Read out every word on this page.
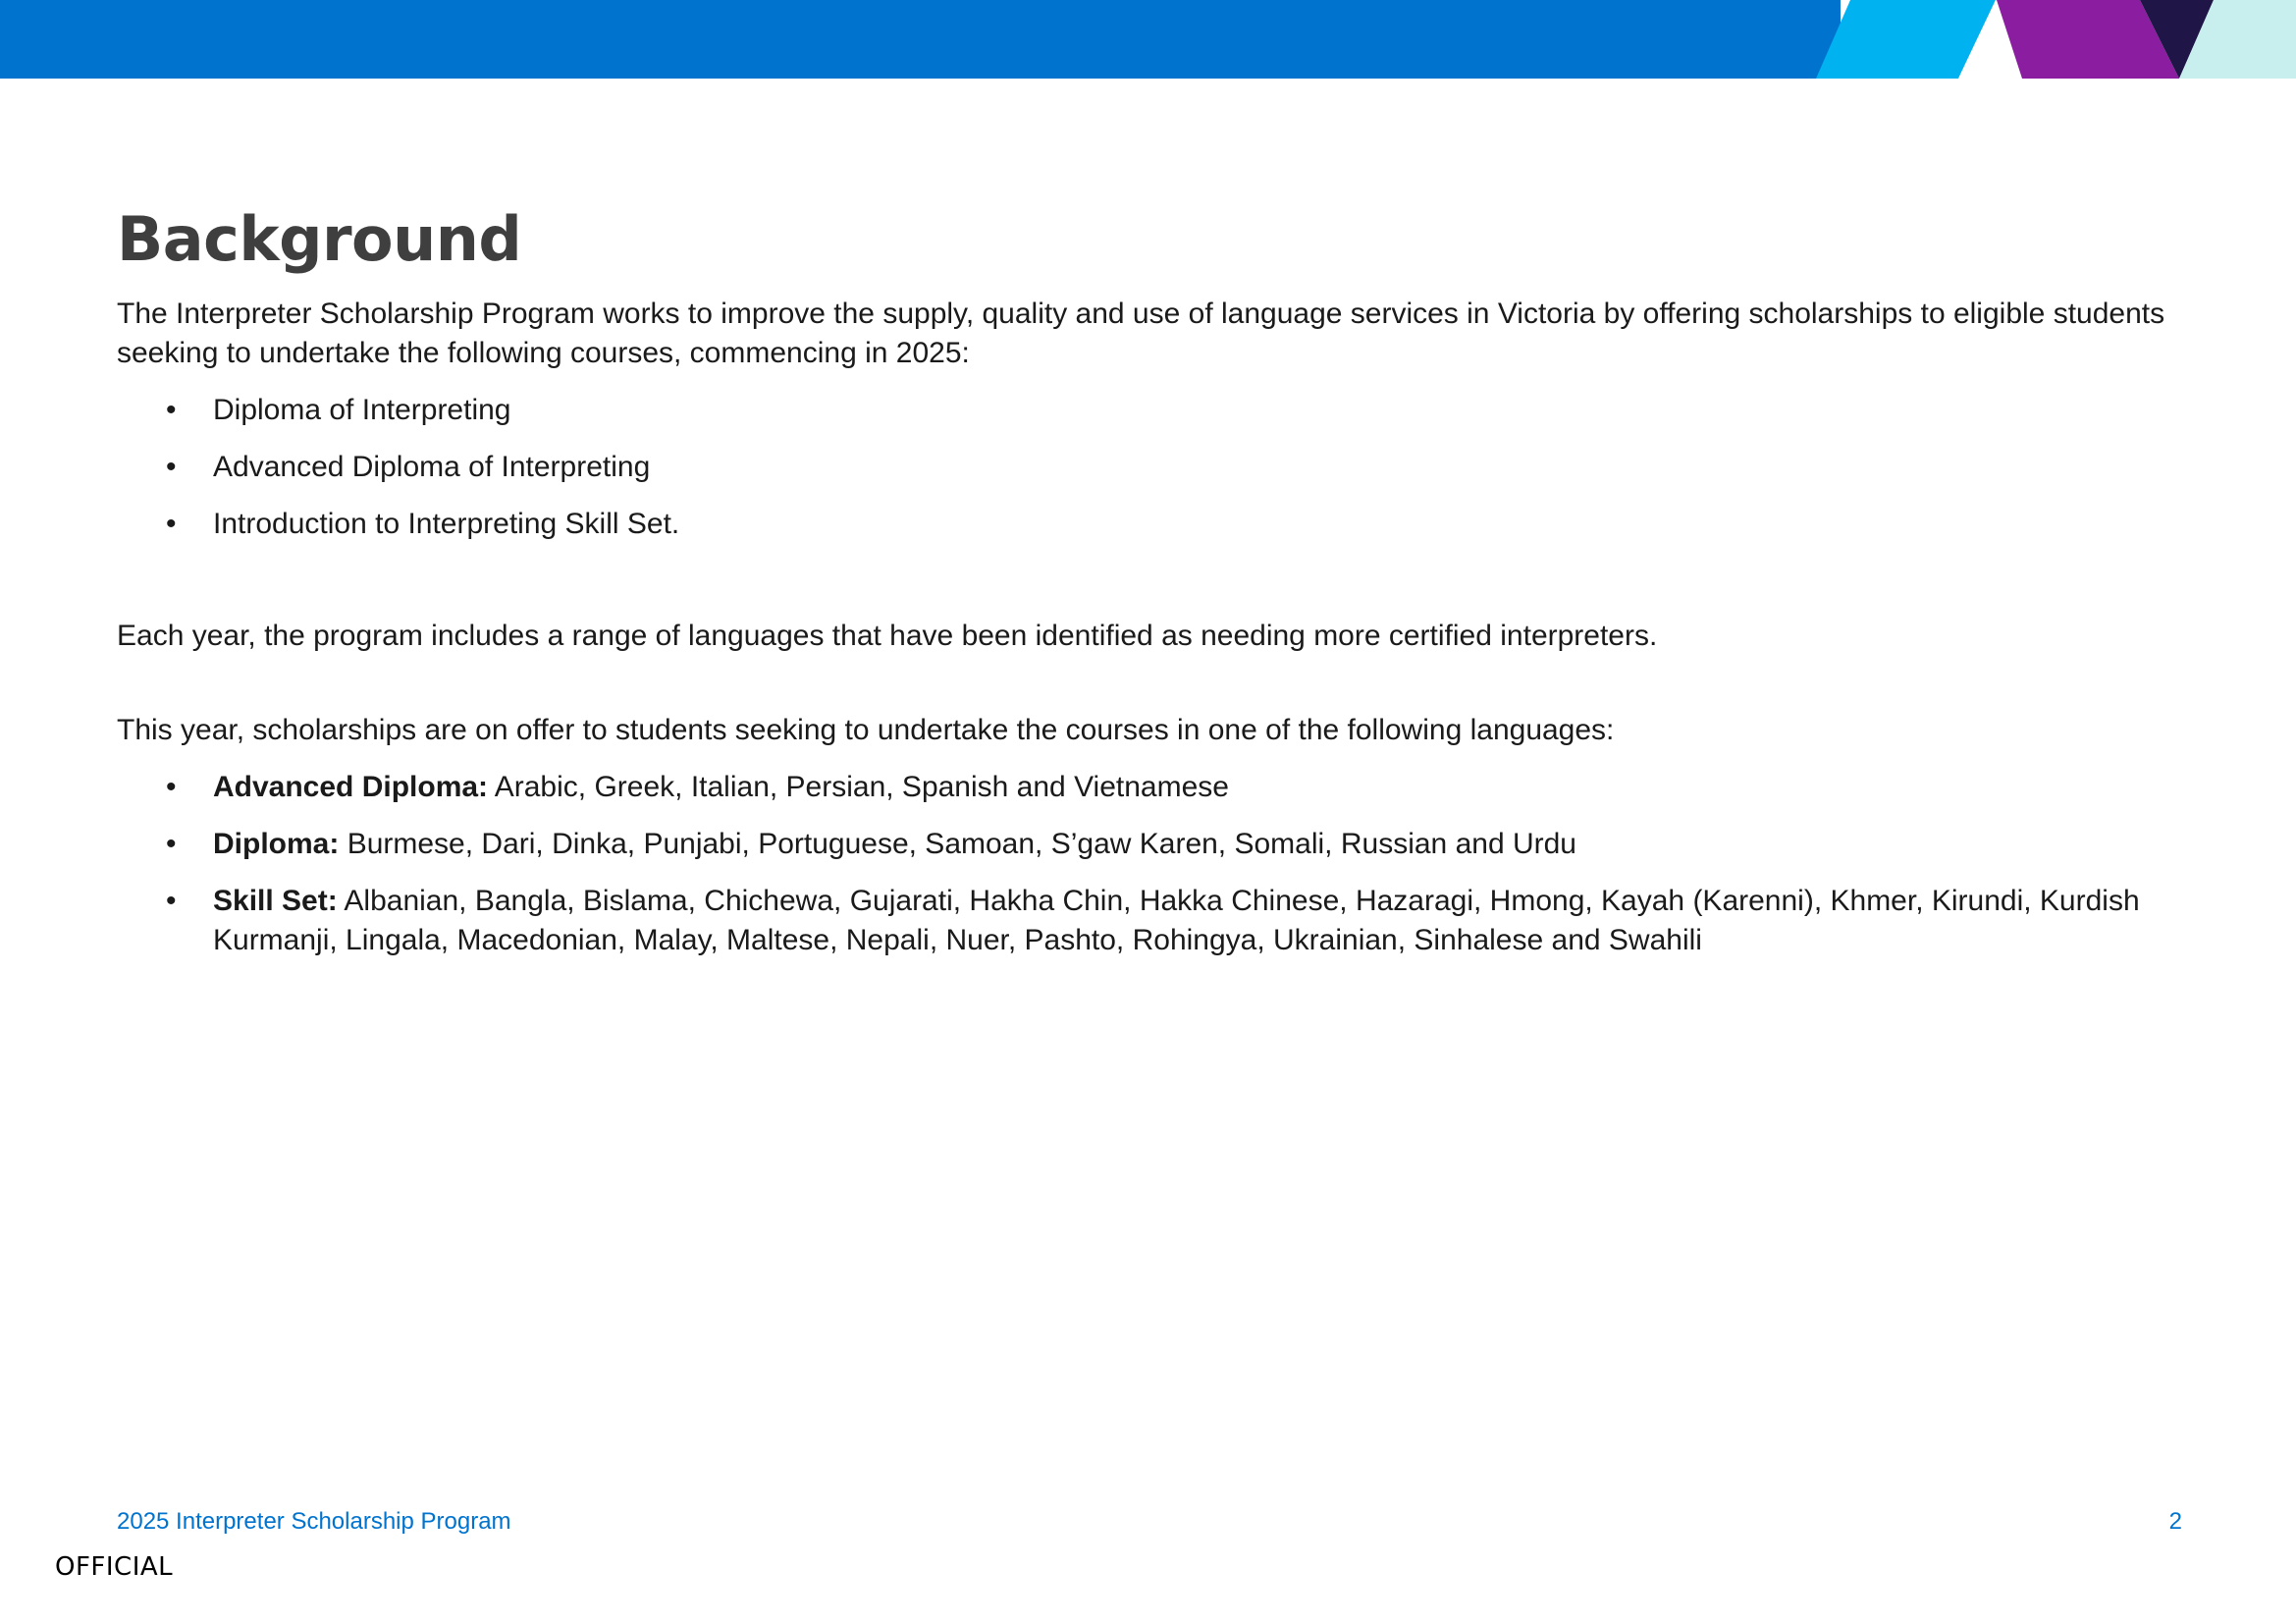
Background

The Interpreter Scholarship Program works to improve the supply, quality and use of language services in Victoria by offering scholarships to eligible students seeking to undertake the following courses, commencing in 2025:

• Diploma of Interpreting
• Advanced Diploma of Interpreting
• Introduction to Interpreting Skill Set.

Each year, the program includes a range of languages that have been identified as needing more certified interpreters.

This year, scholarships are on offer to students seeking to undertake the courses in one of the following languages:

• Advanced Diploma: Arabic, Greek, Italian, Persian, Spanish and Vietnamese
• Diploma: Burmese, Dari, Dinka, Punjabi, Portuguese, Samoan, S’gaw Karen, Somali, Russian and Urdu
• Skill Set: Albanian, Bangla, Bislama, Chichewa, Gujarati, Hakha Chin, Hakka Chinese, Hazaragi, Hmong, Kayah (Karenni), Khmer, Kirundi, Kurdish Kurmanji, Lingala, Macedonian, Malay, Maltese, Nepali, Nuer, Pashto, Rohingya, Ukrainian, Sinhalese and Swahili
2025 Interpreter Scholarship Program	2
OFFICIAL
